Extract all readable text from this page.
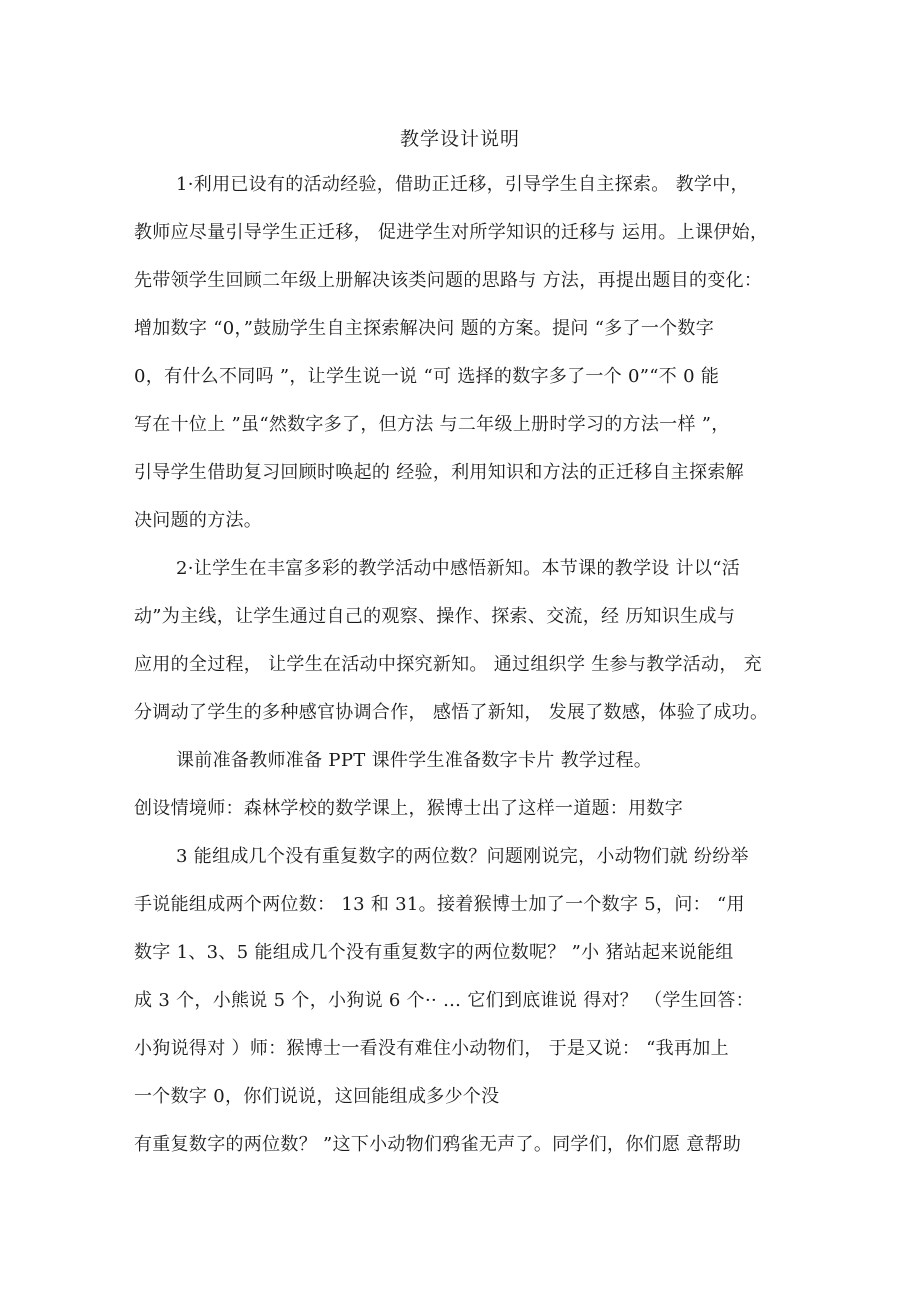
教学设计说明
1·利用已设有的活动经验，借助正迁移，引导学生自主探索。 教学中，
教师应尽量引导学生正迁移， 促进学生对所学知识的迁移与 运用。上课伊始，
先带领学生回顾二年级上册解决该类问题的思路与 方法，再提出题目的变化：
增加数字 “0，”鼓励学生自主探索解决问 题的方案。提问 “多了一个数字
0，有什么不同吗 ”，让学生说一说 “可 选择的数字多了一个 0”“不 0 能
写在十位上 ”虽“然数字多了，但方法 与二年级上册时学习的方法一样 ”，
引导学生借助复习回顾时唤起的 经验，利用知识和方法的正迁移自主探索解
决问题的方法。
2·让学生在丰富多彩的教学活动中感悟新知。本节课的教学设 计以“活
动”为主线，让学生通过自己的观察、操作、探索、交流，经 历知识生成与
应用的全过程， 让学生在活动中探究新知。 通过组织学 生参与教学活动， 充
分调动了学生的多种感官协调合作， 感悟了新知， 发展了数感，体验了成功。
课前准备教师准备 PPT 课件学生准备数字卡片 教学过程。
创设情境师：森林学校的数学课上，猴博士出了这样一道题：用数字
3 能组成几个没有重复数字的两位数？问题刚说完，小动物们就 纷纷举
手说能组成两个两位数： 13 和 31。接着猴博士加了一个数字 5，问： “用
数字 1、3、5 能组成几个没有重复数字的两位数呢？ ”小 猪站起来说能组
成 3 个，小熊说 5 个，小狗说 6 个·· … 它们到底谁说 得对？ （学生回答：
小狗说得对 ）师：猴博士一看没有难住小动物们， 于是又说： “我再加上
一个数字 0，你们说说，这回能组成多少个没
有重复数字的两位数？ ”这下小动物们鸦雀无声了。同学们，你们愿 意帮助
